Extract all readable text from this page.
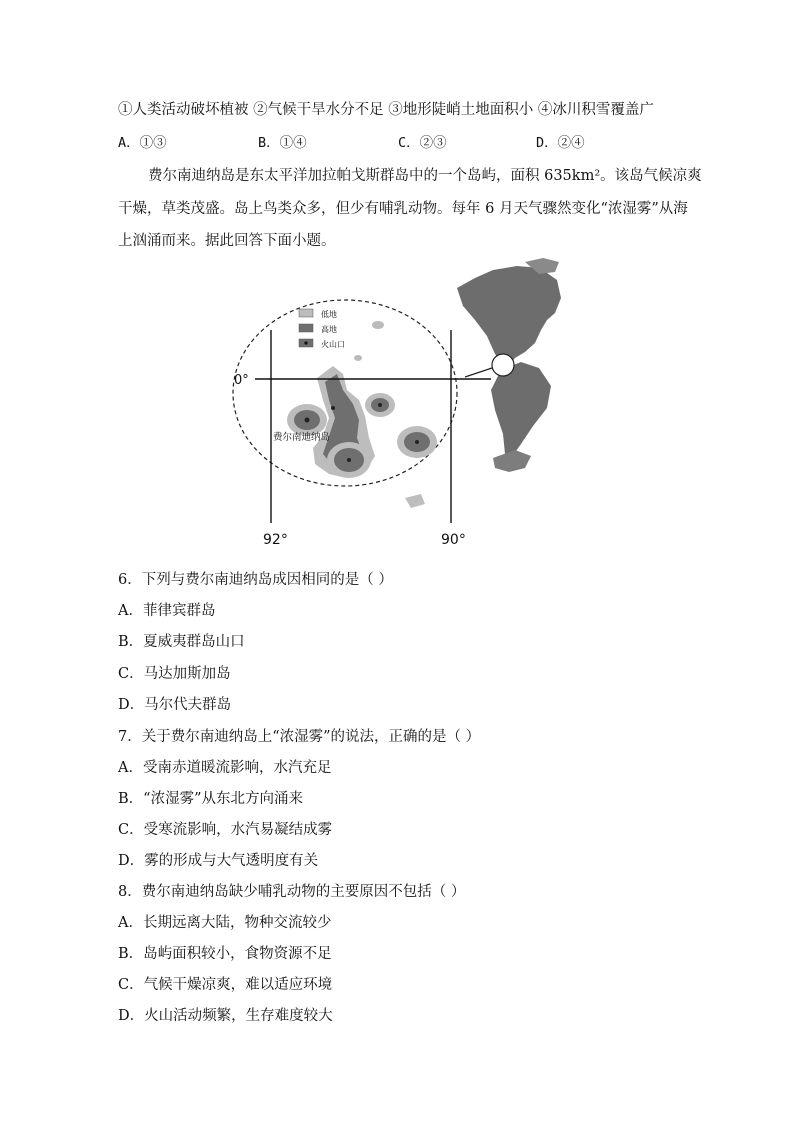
①人类活动破坏植被 ②气候干旱水分不足 ③地形陡峭土地面积小 ④冰川积雪覆盖广
A．①③	B．①④	C．②③	D．②④
费尔南迪纳岛是东太平洋加拉帕戈斯群岛中的一个岛屿，面积 635km²。该岛气候凉爽
干燥，草类茂盛。岛上鸟类众多，但少有哺乳动物。每年 6 月天气骤然变化“浓湿雾”从海
上汹涌而来。据此回答下面小题。
0°
92°	90°
费尔南迪纳岛
低地
高地
火山口
6．下列与费尔南迪纳岛成因相同的是（ ）
A．菲律宾群岛
B．夏威夷群岛山口
C．马达加斯加岛
D．马尔代夫群岛
7．关于费尔南迪纳岛上“浓湿雾”的说法，正确的是（ ）
A．受南赤道暖流影响，水汽充足
B．“浓湿雾”从东北方向涌来
C．受寒流影响，水汽易凝结成雾
D．雾的形成与大气透明度有关
8．费尔南迪纳岛缺少哺乳动物的主要原因不包括（ ）
A．长期远离大陆，物种交流较少
B．岛屿面积较小，食物资源不足
C．气候干燥凉爽，难以适应环境
D．火山活动频繁，生存难度较大
